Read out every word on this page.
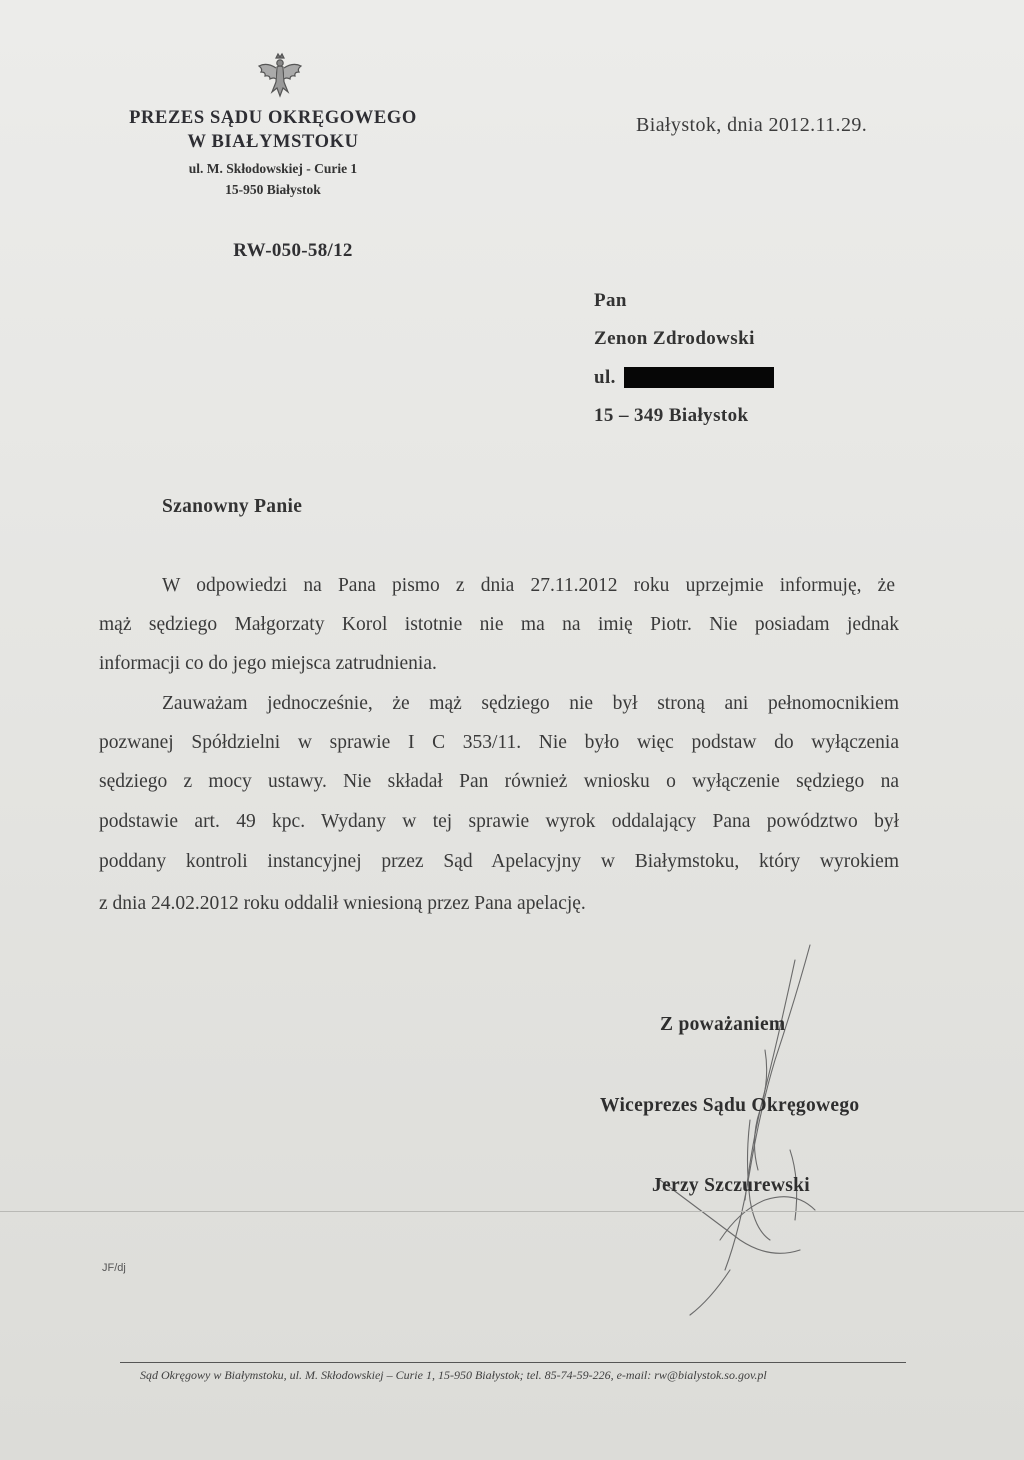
PREZES SĄDU OKRĘGOWEGO
W BIAŁYMSTOKU
ul. M. Skłodowskiej - Curie 1
15-950 Białystok
RW-050-58/12
Białystok, dnia 2012.11.29.
Pan
Zenon Zdrodowski
ul.
15 – 349 Białystok
Szanowny Panie
W odpowiedzi na Pana pismo z dnia 27.11.2012 roku uprzejmie informuję, że
mąż sędziego Małgorzaty Korol istotnie nie ma na imię Piotr. Nie posiadam jednak
informacji co do jego miejsca zatrudnienia.
Zauważam jednocześnie, że mąż sędziego nie był stroną ani pełnomocnikiem
pozwanej Spółdzielni w sprawie I C 353/11. Nie było więc podstaw do wyłączenia
sędziego z mocy ustawy. Nie składał Pan również wniosku o wyłączenie sędziego na
podstawie art. 49 kpc. Wydany w tej sprawie wyrok oddalający Pana powództwo był
poddany kontroli instancyjnej przez Sąd Apelacyjny w Białymstoku, który wyrokiem
z dnia 24.02.2012 roku oddalił wniesioną przez Pana apelację.
Z poważaniem
Wiceprezes Sądu Okręgowego
Jerzy Szczurewski
JF/dj
Sąd Okręgowy w Białymstoku, ul. M. Skłodowskiej – Curie 1, 15-950 Białystok; tel. 85-74-59-226, e-mail: rw@bialystok.so.gov.pl
